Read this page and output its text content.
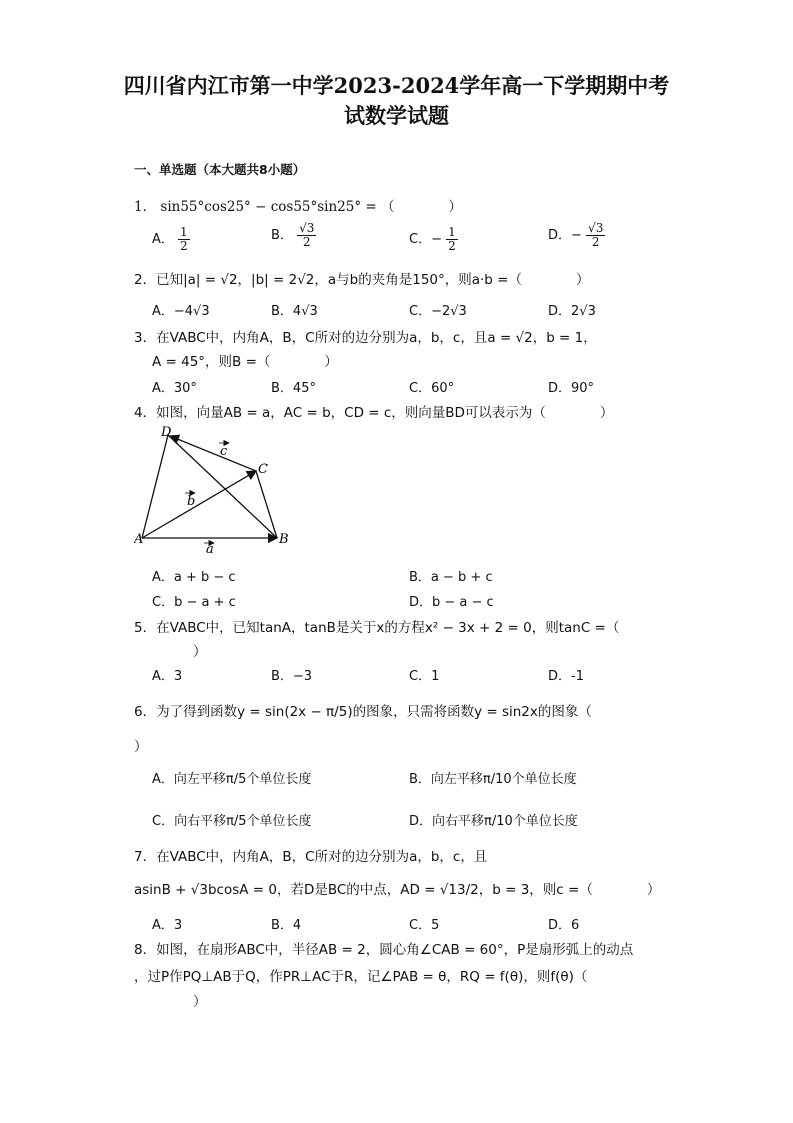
四川省内江市第一中学2023-2024学年高一下学期期中考
试数学试题
一、单选题（本大题共8小题）
1． sin55°cos25° − cos55°sin25° = （　　　　）
A． $\frac{1}{2}$	B． $\frac{√3}{2}$	C．− $\frac{1}{2}$	D．− $\frac{√3}{2}$
2．已知|a| = √2，|b| = 2√2，a与b的夹角是150°，则a·b =（　　　　）
A．−4√3	B．4√3	C．−2√3	D．2√3
3．在VABC中，内角A，B，C所对的边分别为a，b，c，且a = √2，b = 1，
A = 45°，则B =（　　　　）
A．30°	B．45°	C．60°	D．90°
4．如图，向量AB = a，AC = b，CD = c，则向量BD可以表示为（　　　　）
D
C
A	B
c
b
a
A．a + b − c	B．a − b + c
C．b − a + c	D．b − a − c
5．在VABC中，已知tanA，tanB是关于x的方程x² − 3x + 2 = 0，则tanC =（
）
A．3	B．−3	C．1	D．-1
6．为了得到函数y = sin(2x − π/5)的图象，只需将函数y = sin2x的图象（
）
A．向左平移π/5个单位长度	B．向左平移π/10个单位长度
C．向右平移π/5个单位长度	D．向右平移π/10个单位长度
7．在VABC中，内角A，B，C所对的边分别为a，b，c，且
asinB + √3bcosA = 0，若D是BC的中点，AD = √13/2，b = 3，则c =（　　　　）
A．3	B．4	C．5	D．6
8．如图，在扇形ABC中，半径AB = 2，圆心角∠CAB = 60°，P是扇形弧上的动点
，过P作PQ⊥AB于Q，作PR⊥AC于R，记∠PAB = θ，RQ = f(θ)，则f(θ)（
）
